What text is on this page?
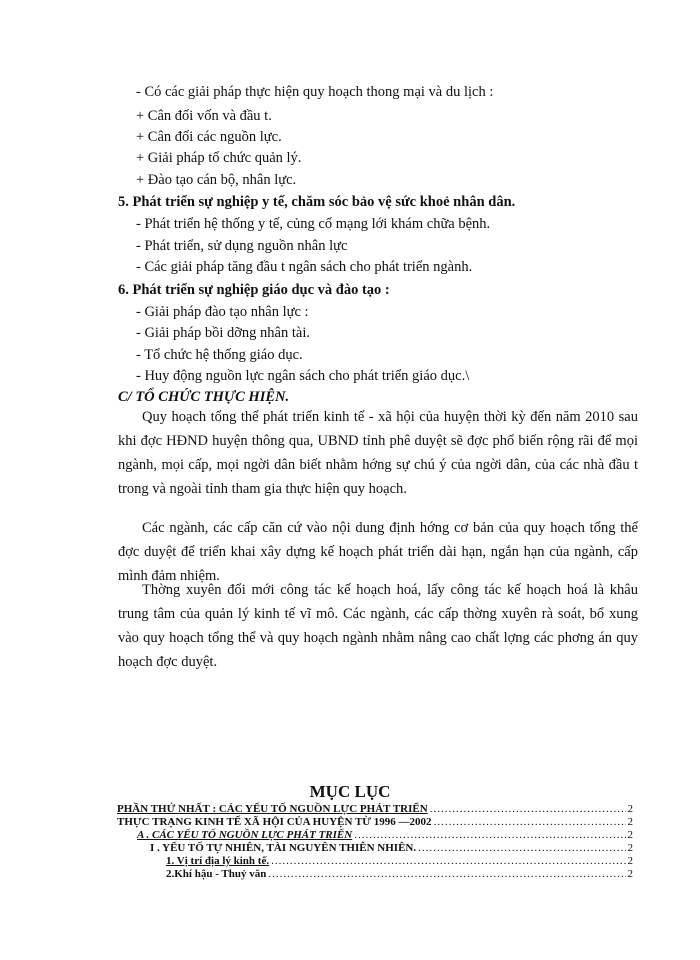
- Có các giải pháp thực hiện quy hoạch thong mại và du lịch :
+ Cân đối vốn và đầu t.
+ Cân đối các nguồn lực.
+ Giải pháp tổ chức quản lý.
+ Đào tạo cán bộ, nhân lực.
5. Phát triển sự nghiệp y tế, chăm sóc bảo vệ sức khoẻ nhân dân.
- Phát triển hệ thống y tế, củng cố mạng lới khám chữa bệnh.
- Phát triển, sử dụng nguồn nhân lực
- Các giải pháp tăng đầu t ngân sách cho phát triển ngành.
6. Phát triển sự nghiệp giáo dục và đào tạo :
- Giải pháp đào tạo nhân lực :
- Giải pháp bồi dỡng nhân tài.
- Tổ chức hệ thống giáo dục.
- Huy động nguồn lực ngân sách cho phát triển giáo dục.\
C/ TỔ CHỨC THỰC HIỆN.
Quy hoạch tổng thể phát triển kinh tế - xã hội của huyện thời kỳ đến năm 2010 sau khi đợc HĐND huyện thông qua, UBND tỉnh phê duyệt sẽ đợc phổ biến rộng rãi để mọi ngành, mọi cấp, mọi ngời dân biết nhằm hớng sự chú ý của ngời dân, của các nhà đầu t trong và ngoài tỉnh tham gia thực hiện quy hoạch.
Các ngành, các cấp căn cứ vào nội dung định hớng cơ bản của quy hoạch tổng thể đợc duyệt để triển khai xây dựng kế hoạch phát triển dài hạn, ngắn hạn của ngành, cấp mình đảm nhiệm.
Thờng xuyên đổi mới công tác kế hoạch hoá, lấy công tác kế hoạch hoá là khâu trung tâm của quản lý kinh tế vĩ mô. Các ngành, các cấp thờng xuyên rà soát, bổ xung vào quy hoạch tổng thể và quy hoạch ngành nhằm nâng cao chất lợng các phơng án quy hoạch đợc duyệt.
MỤC LỤC
PHẦN THỨ NHẤT : CÁC YẾU TỐ NGUỒN LỰC PHÁT TRIỂN .....	2
THỰC TRẠNG KINH TẾ XÃ HỘI CỦA HUYỆN TỪ 1996 —2002 .....	2
A . CÁC YẾU TỐ NGUỒN LỰC PHÁT TRIỂN .....	2
I . YẾU TỐ TỰ NHIÊN, TÀI NGUYÊN THIÊN NHIÊN. .....	2
1. Vị trí địa lý kinh tế. .....	2
2.Khí hậu - Thuỷ văn .....	2
